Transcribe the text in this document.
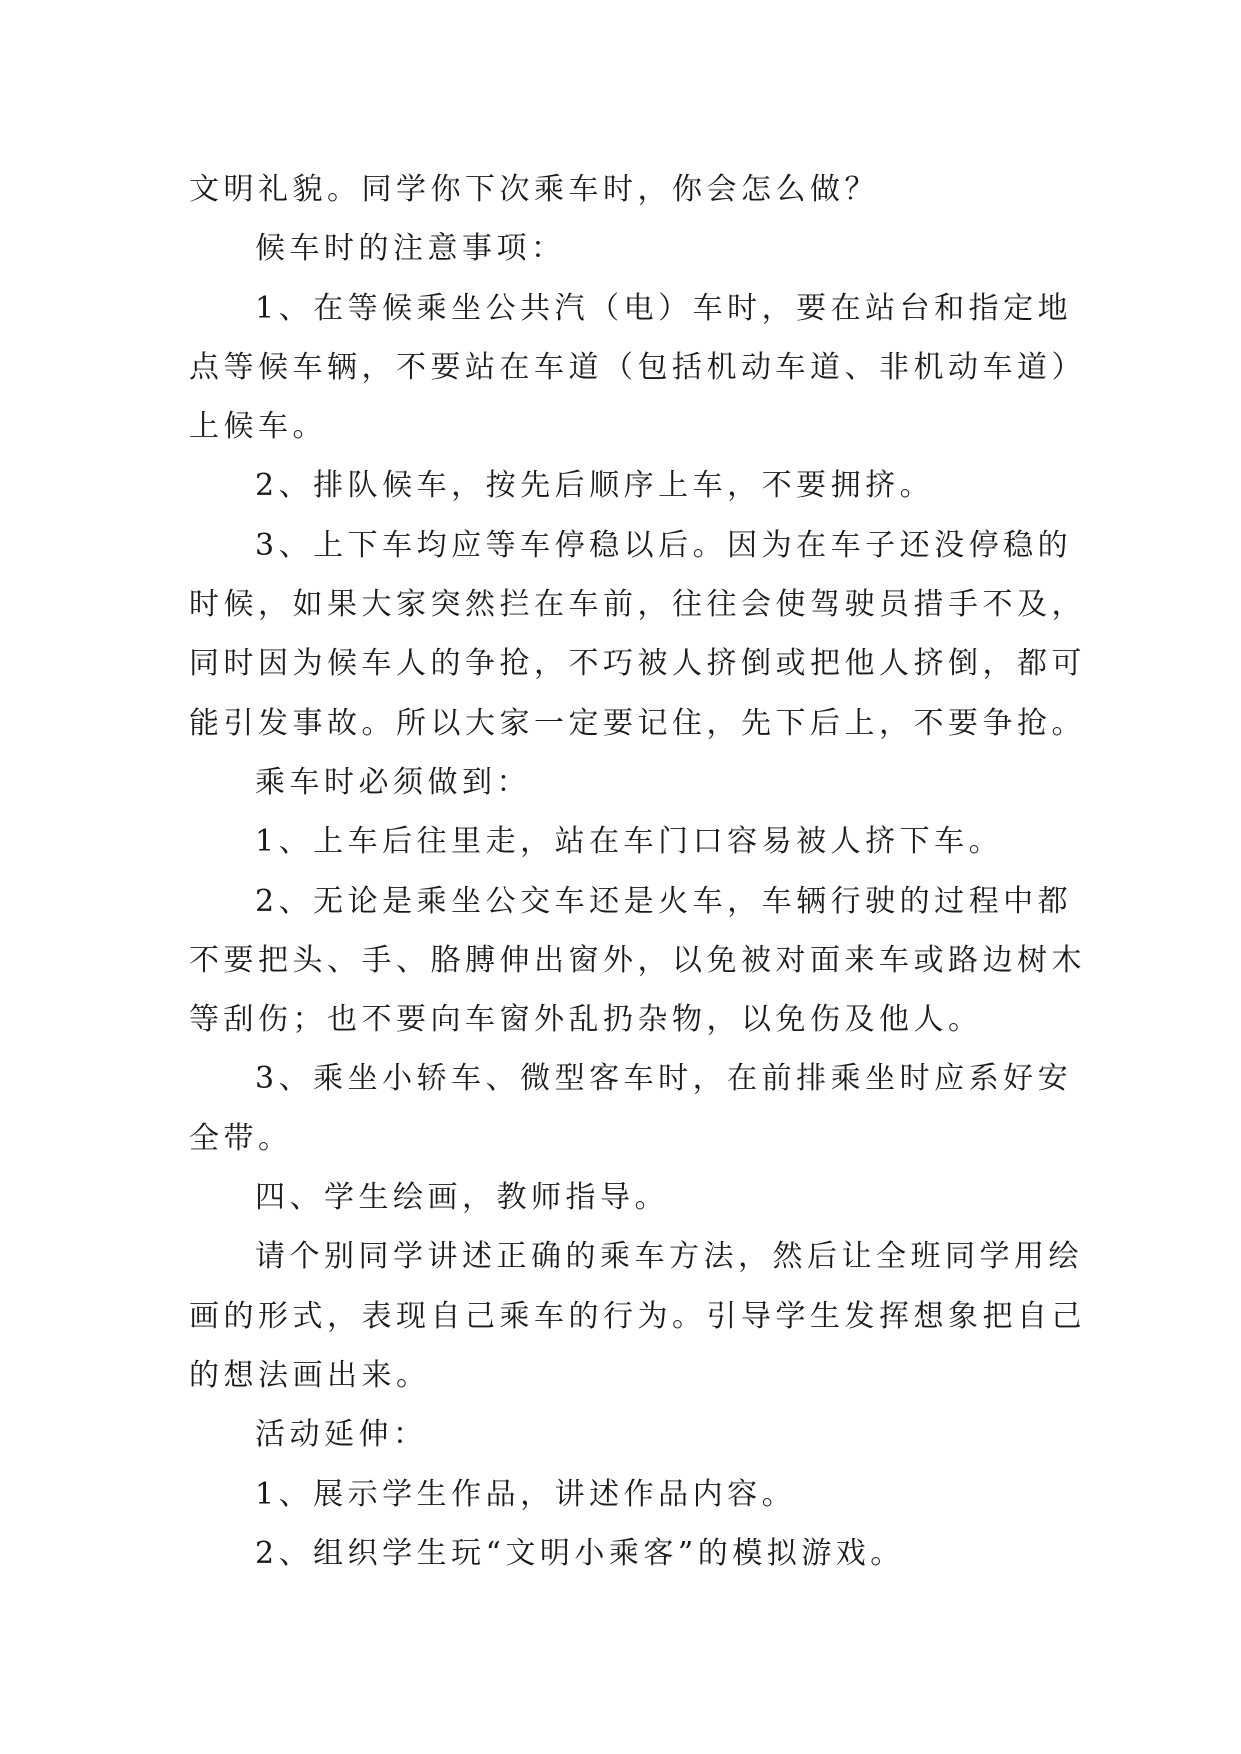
文明礼貌。同学你下次乘车时，你会怎么做？
候车时的注意事项：
1、在等候乘坐公共汽（电）车时，要在站台和指定地
点等候车辆，不要站在车道（包括机动车道、非机动车道）
上候车。
2、排队候车，按先后顺序上车，不要拥挤。
3、上下车均应等车停稳以后。因为在车子还没停稳的
时候，如果大家突然拦在车前，往往会使驾驶员措手不及，
同时因为候车人的争抢，不巧被人挤倒或把他人挤倒，都可
能引发事故。所以大家一定要记住，先下后上，不要争抢。
乘车时必须做到：
1、上车后往里走，站在车门口容易被人挤下车。
2、无论是乘坐公交车还是火车，车辆行驶的过程中都
不要把头、手、胳膊伸出窗外，以免被对面来车或路边树木
等刮伤；也不要向车窗外乱扔杂物，以免伤及他人。
3、乘坐小轿车、微型客车时，在前排乘坐时应系好安
全带。
四、学生绘画，教师指导。
请个别同学讲述正确的乘车方法，然后让全班同学用绘
画的形式，表现自己乘车的行为。引导学生发挥想象把自己
的想法画出来。
活动延伸：
1、展示学生作品，讲述作品内容。
2、组织学生玩“文明小乘客”的模拟游戏。
